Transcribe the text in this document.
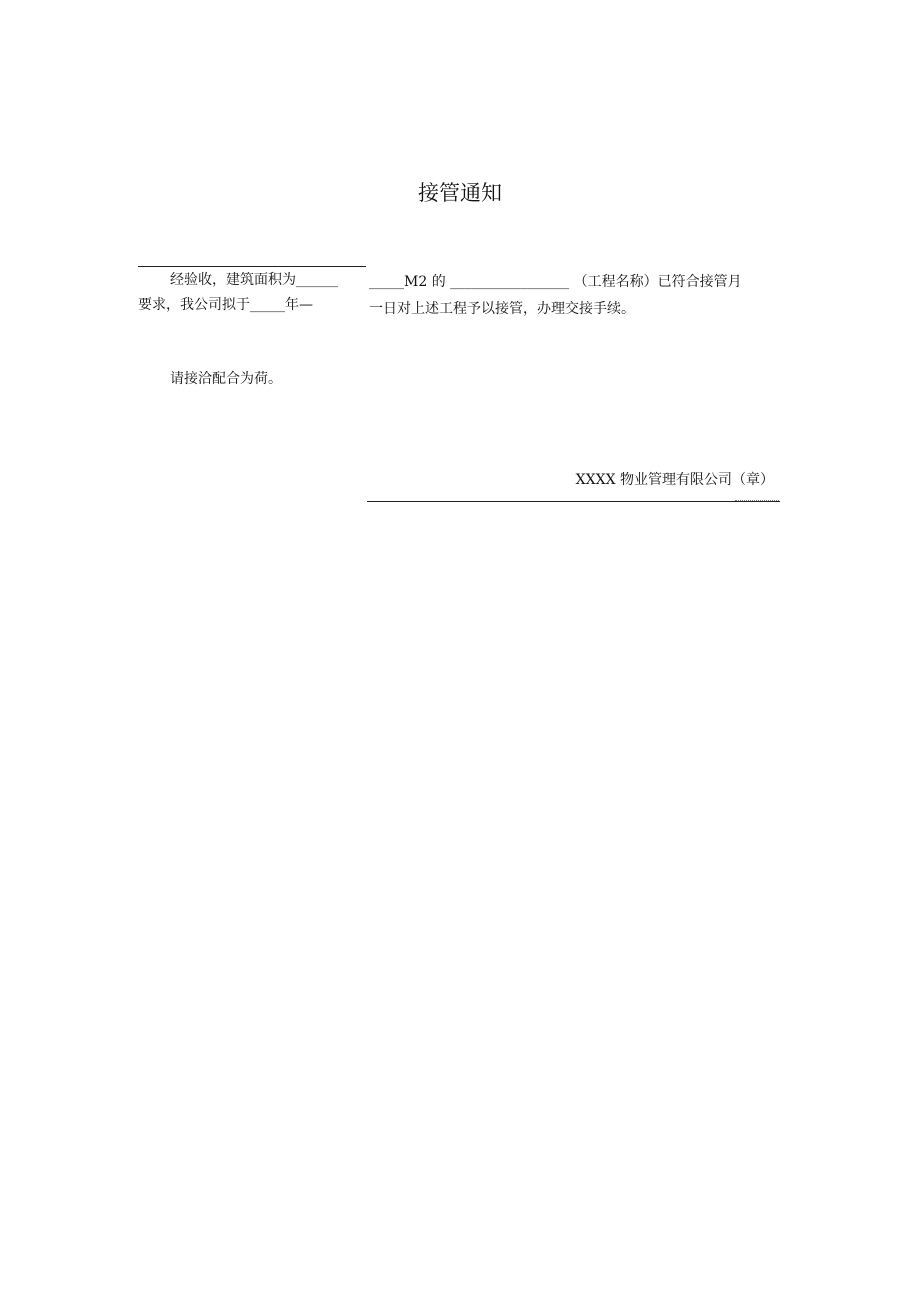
接管通知
经验收，建筑面积为______
要求，我公司拟于_____年—
_____M2 的 _________________ （工程名称）已符合接管月
一日对上述工程予以接管，办理交接手续。
请接洽配合为荷。
XXXX 物业管理有限公司（章）
